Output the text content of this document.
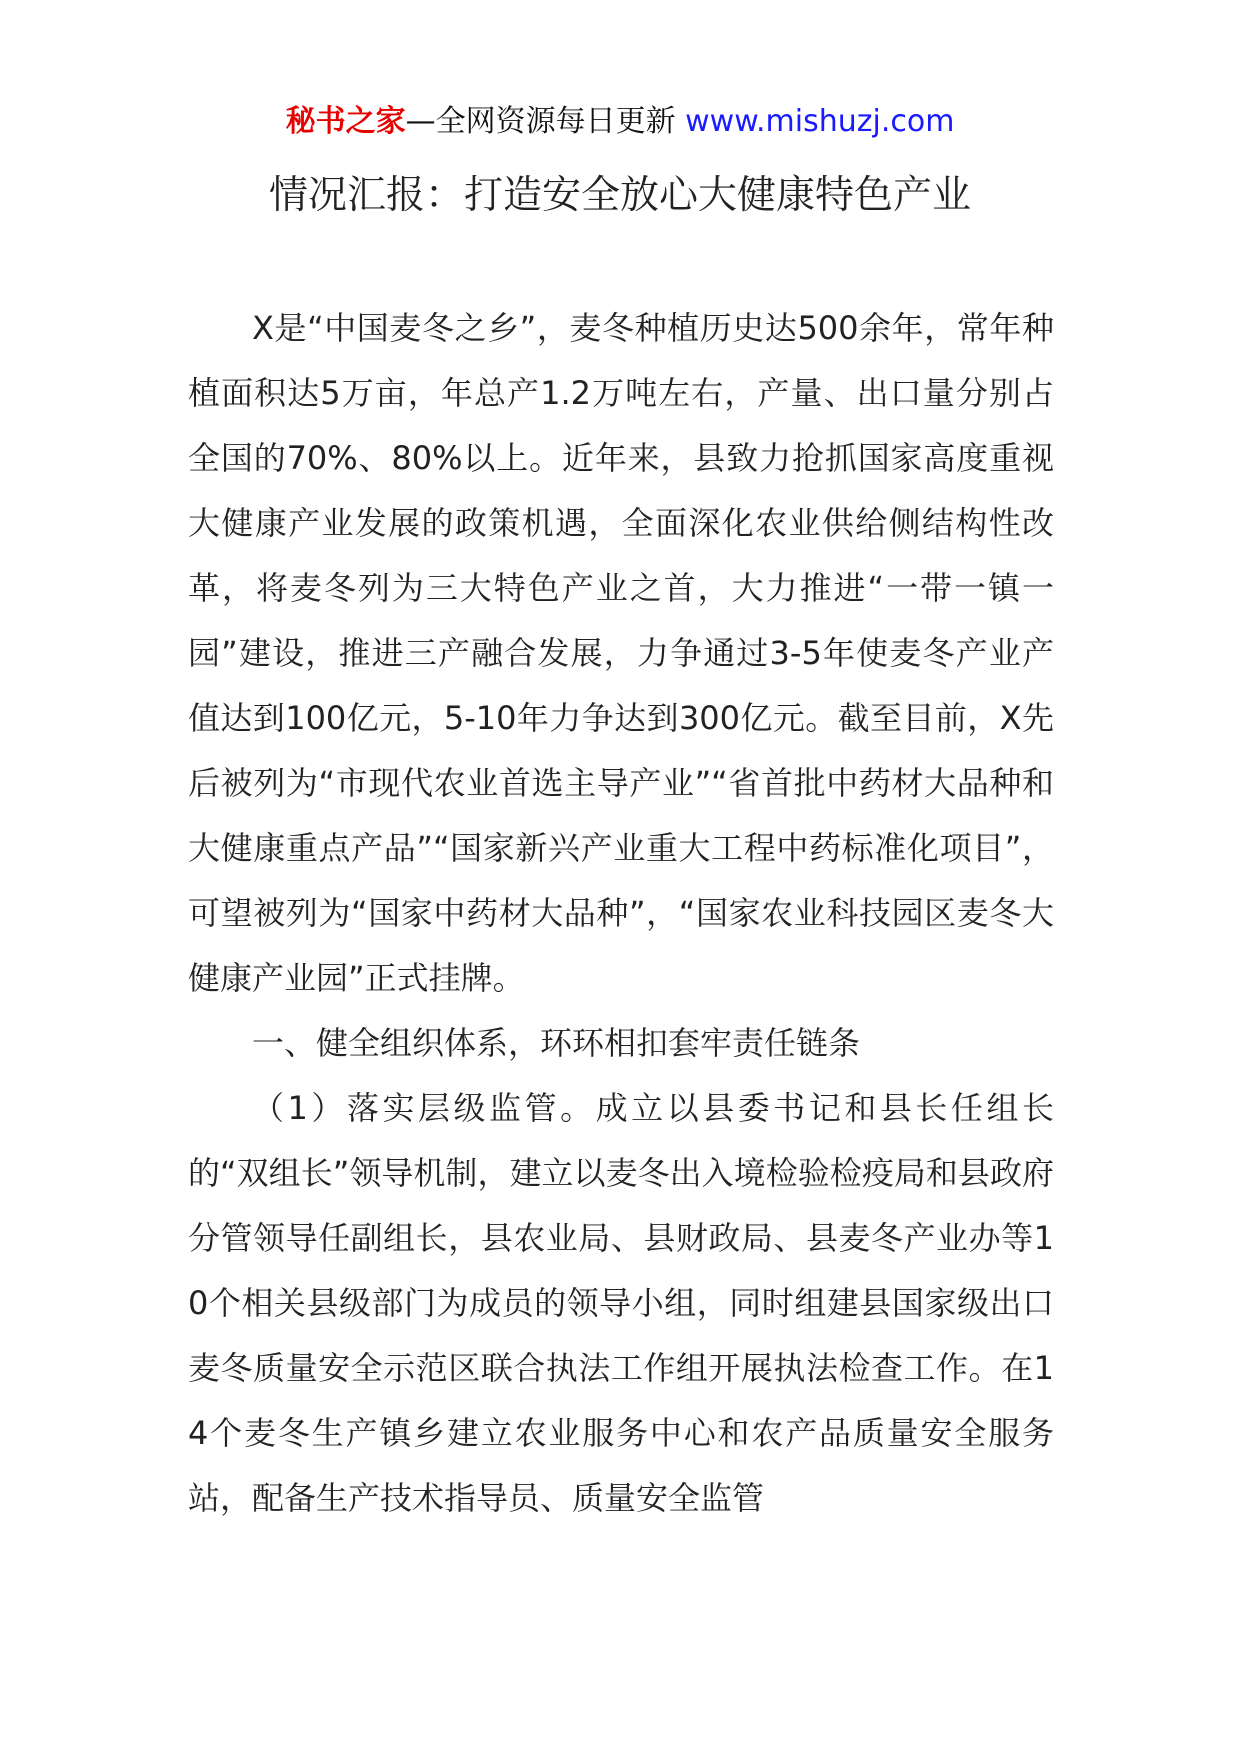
秘书之家—全网资源每日更新 www.mishuzj.com
情况汇报：打造安全放心大健康特色产业

X是“中国麦冬之乡”，麦冬种植历史达500余年，常年种植面积达5万亩，年总产1.2万吨左右，产量、出口量分别占全国的70%、80%以上。近年来，县致力抢抓国家高度重视大健康产业发展的政策机遇，全面深化农业供给侧结构性改革，将麦冬列为三大特色产业之首，大力推进“一带一镇一园”建设，推进三产融合发展，力争通过3-5年使麦冬产业产值达到100亿元，5-10年力争达到300亿元。截至目前，X先后被列为“市现代农业首选主导产业”“省首批中药材大品种和大健康重点产品”“国家新兴产业重大工程中药标准化项目”，可望被列为“国家中药材大品种”，“国家农业科技园区麦冬大健康产业园”正式挂牌。

一、健全组织体系，环环相扣套牢责任链条

（1）落实层级监管。成立以县委书记和县长任组长的“双组长”领导机制，建立以麦冬出入境检验检疫局和县政府分管领导任副组长，县农业局、县财政局、县麦冬产业办等10个相关县级部门为成员的领导小组，同时组建县国家级出口麦冬质量安全示范区联合执法工作组开展执法检查工作。在14个麦冬生产镇乡建立农业服务中心和农产品质量安全服务站，配备生产技术指导员、质量安全监管
